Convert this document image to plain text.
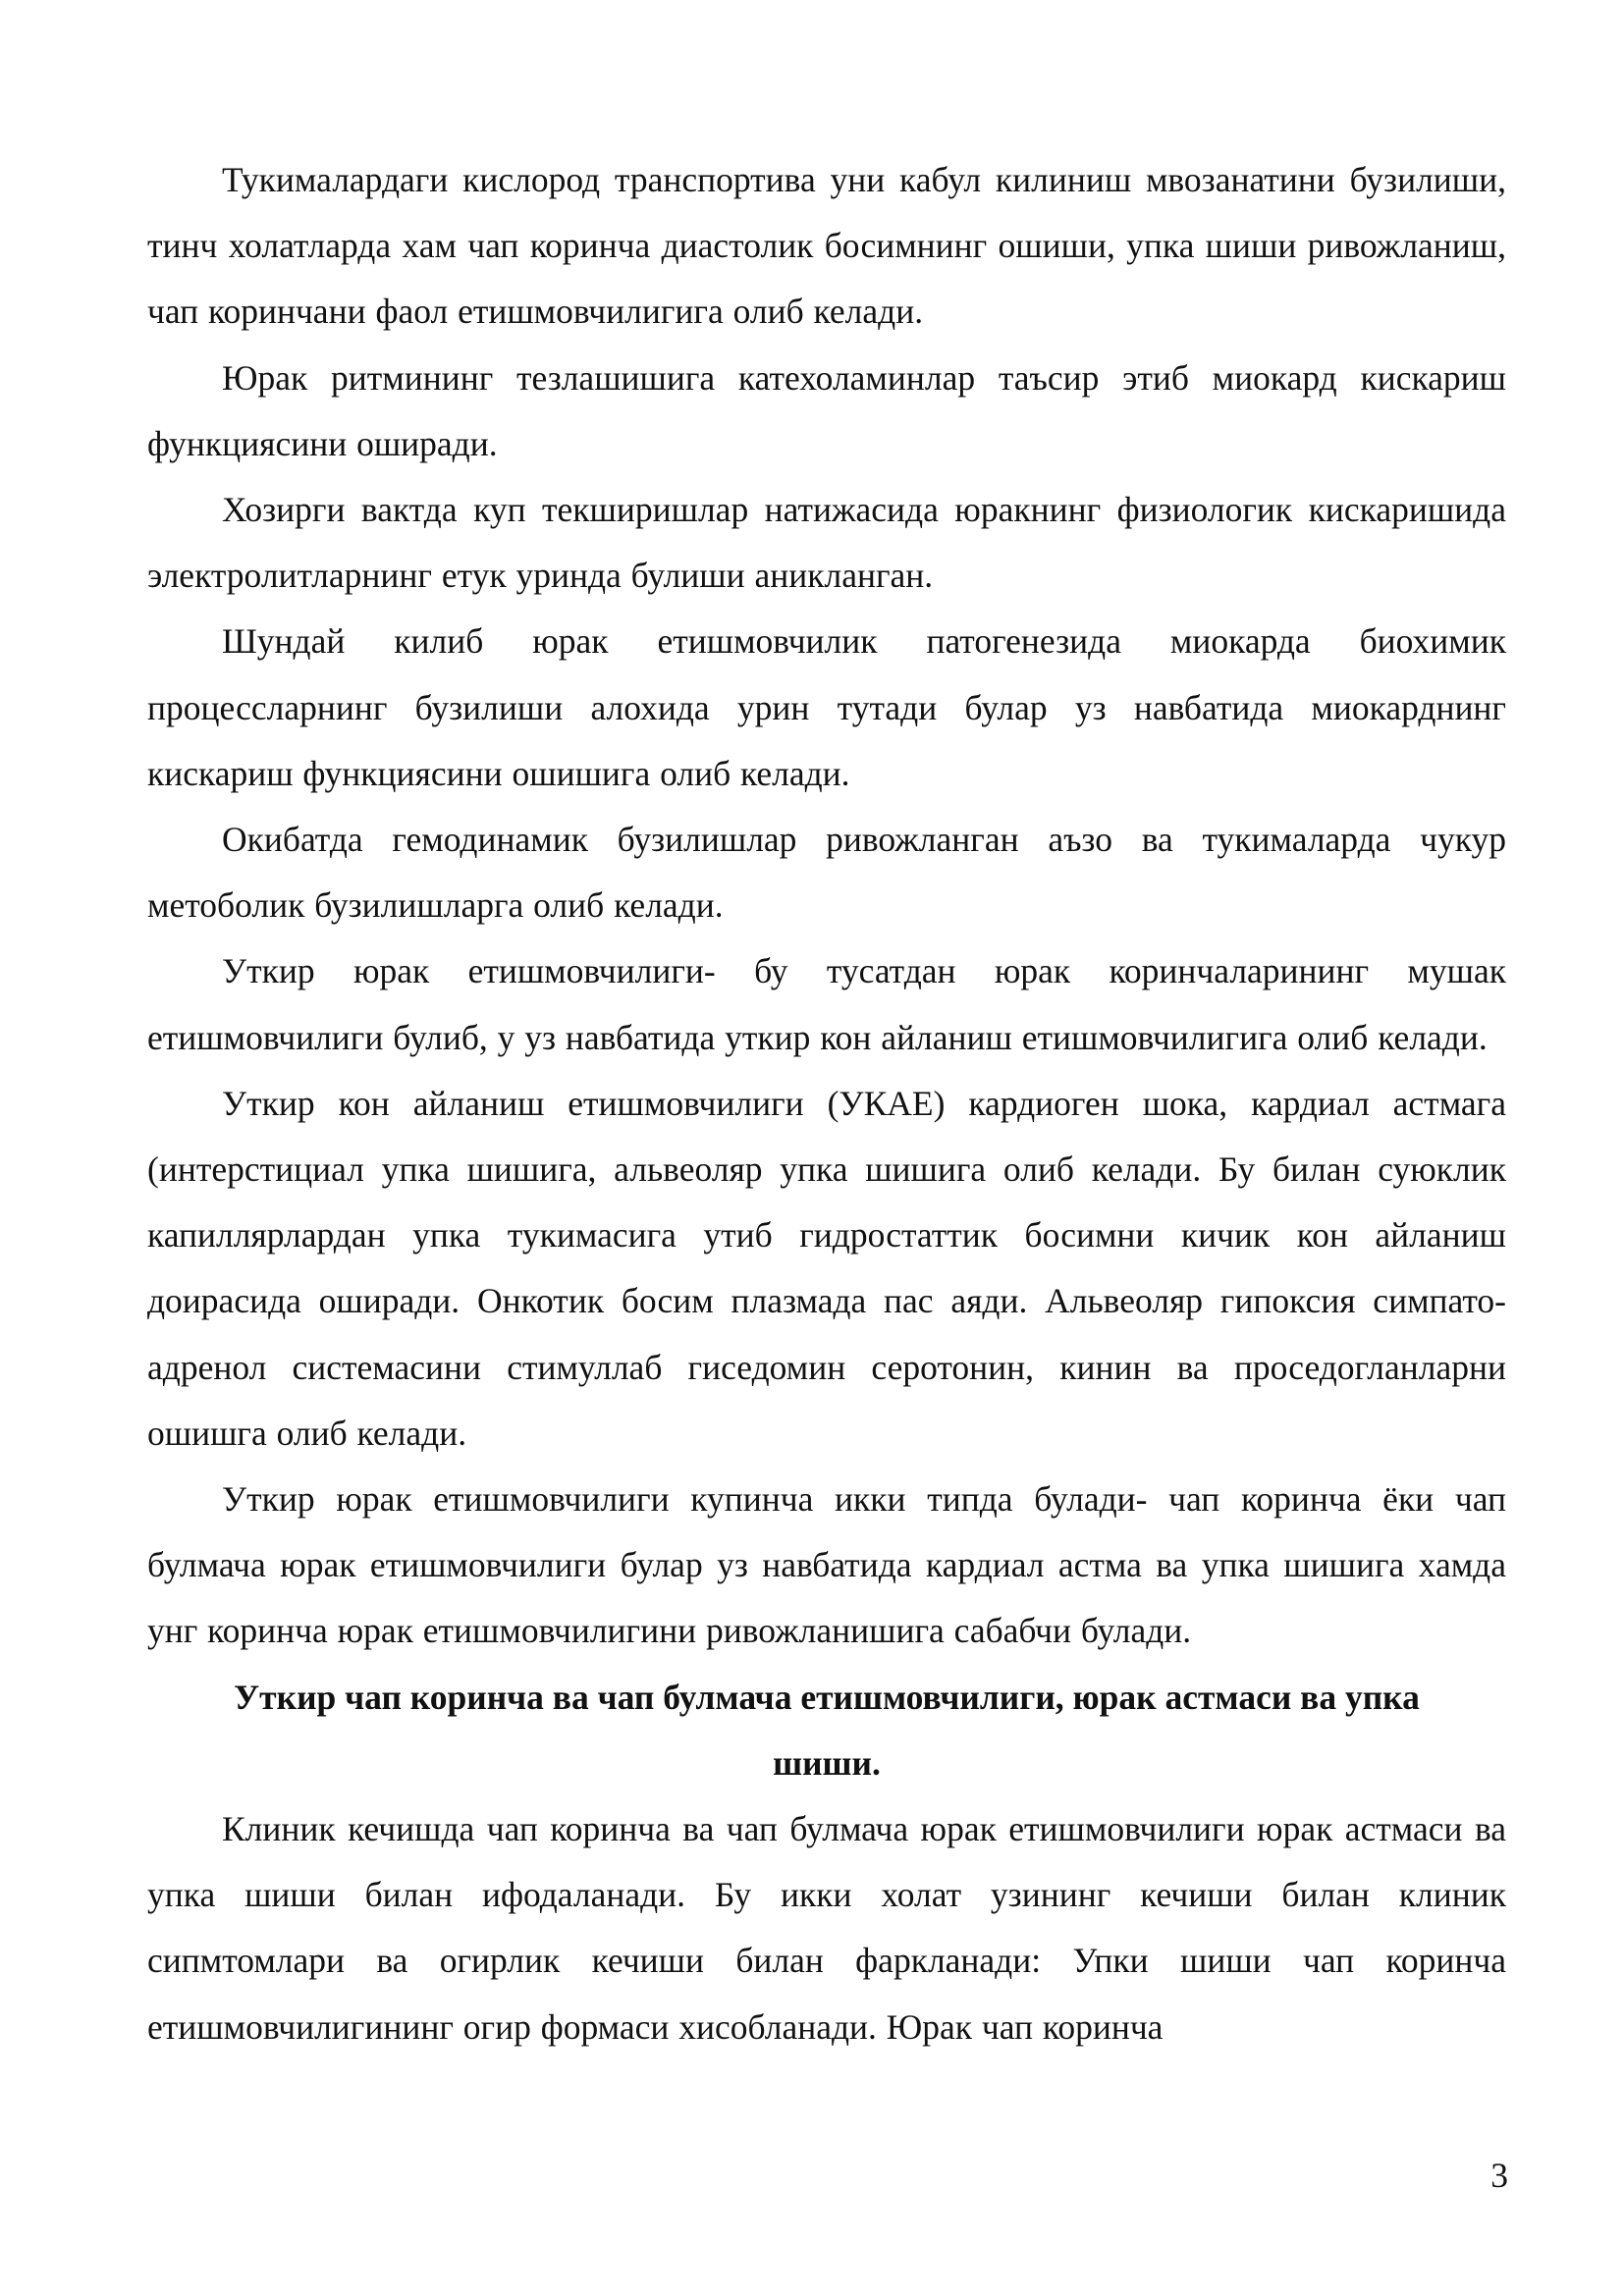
Тукималардаги кислород транспортива уни кабул килиниш мвозанатини бузилиши, тинч холатларда хам чап коринча диастолик босимнинг ошиши, упка шиши ривожланиш, чап коринчани фаол етишмовчилигига олиб келади.

Юрак ритмининг тезлашишига катехоламинлар таъсир этиб миокард кискариш функциясини оширади.

Хозирги вактда куп текширишлар натижасида юракнинг физиологик кискаришида электролитларнинг етук уринда булиши аникланган.

Шундай килиб юрак етишмовчилик патогенезида миокарда биохимик процессларнинг бузилиши алохида урин тутади булар уз навбатида миокарднинг кискариш функциясини ошишига олиб келади.

Окибатда гемодинамик бузилишлар ривожланган аъзо ва тукималарда чукур метоболик бузилишларга олиб келади.

Уткир юрак етишмовчилиги- бу тусатдан юрак коринчаларининг мушак етишмовчилиги булиб, у уз навбатида уткир кон айланиш етишмовчилигига олиб келади.

Уткир кон айланиш етишмовчилиги (УКАЕ) кардиоген шока, кардиал астмага (интерстициал упка шишига, альвеоляр упка шишига олиб келади. Бу билан суюклик капиллярлардан упка тукимасига утиб гидростаттик босимни кичик кон айланиш доирасида оширади. Онкотик босим плазмада пас аяди. Альвеоляр гипоксия симпато-адренол системасини стимуллаб гиседомин серотонин, кинин ва проседогланларни ошишга олиб келади.

Уткир юрак етишмовчилиги купинча икки типда булади- чап коринча ёки чап булмача юрак етишмовчилиги булар уз навбатида кардиал астма ва упка шишига хамда унг коринча юрак етишмовчилигини ривожланишига сабабчи булади.

Уткир чап коринча ва чап булмача етишмовчилиги, юрак астмаси ва упка шиши.

Клиник кечишда чап коринча ва чап булмача юрак етишмовчилиги юрак астмаси ва упка шиши билан ифодаланади. Бу икки холат узининг кечиши билан клиник сипмтомлари ва огирлик кечиши билан фаркланади: Упки шиши чап коринча етишмовчилигининг огир формаси хисобланади. Юрак чап коринча

3
